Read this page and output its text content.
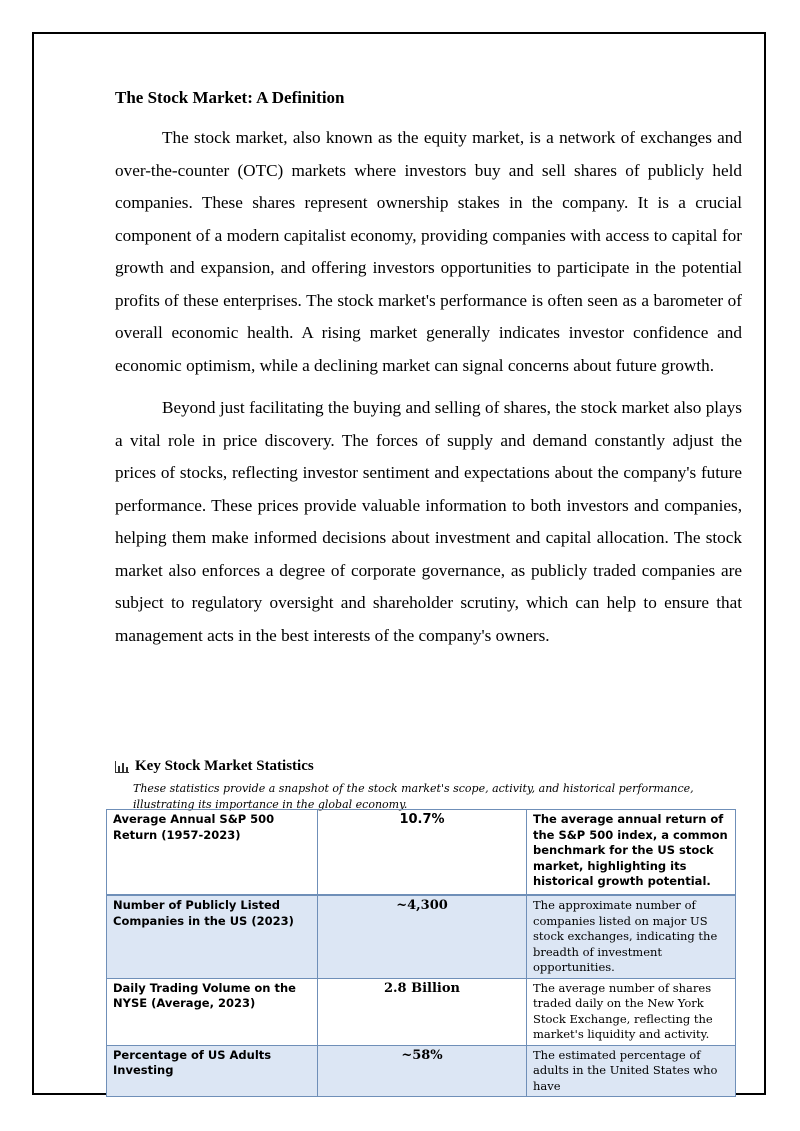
The Stock Market: A Definition

The stock market, also known as the equity market, is a network of exchanges and over-the-counter (OTC) markets where investors buy and sell shares of publicly held companies. These shares represent ownership stakes in the company. It is a crucial component of a modern capitalist economy, providing companies with access to capital for growth and expansion, and offering investors opportunities to participate in the potential profits of these enterprises. The stock market's performance is often seen as a barometer of overall economic health. A rising market generally indicates investor confidence and economic optimism, while a declining market can signal concerns about future growth.

Beyond just facilitating the buying and selling of shares, the stock market also plays a vital role in price discovery. The forces of supply and demand constantly adjust the prices of stocks, reflecting investor sentiment and expectations about the company's future performance. These prices provide valuable information to both investors and companies, helping them make informed decisions about investment and capital allocation. The stock market also enforces a degree of corporate governance, as publicly traded companies are subject to regulatory oversight and shareholder scrutiny, which can help to ensure that management acts in the best interests of the company's owners.

Key Stock Market Statistics

These statistics provide a snapshot of the stock market's scope, activity, and historical performance, illustrating its importance in the global economy.

Average Annual S&P 500 Return (1957-2023)	10.7%	The average annual return of the S&P 500 index, a common benchmark for the US stock market, highlighting its historical growth potential.
Number of Publicly Listed Companies in the US (2023)	~4,300	The approximate number of companies listed on major US stock exchanges, indicating the breadth of investment opportunities.
Daily Trading Volume on the NYSE (Average, 2023)	2.8 Billion	The average number of shares traded daily on the New York Stock Exchange, reflecting the market's liquidity and activity.
Percentage of US Adults Investing	~58%	The estimated percentage of adults in the United States who have
